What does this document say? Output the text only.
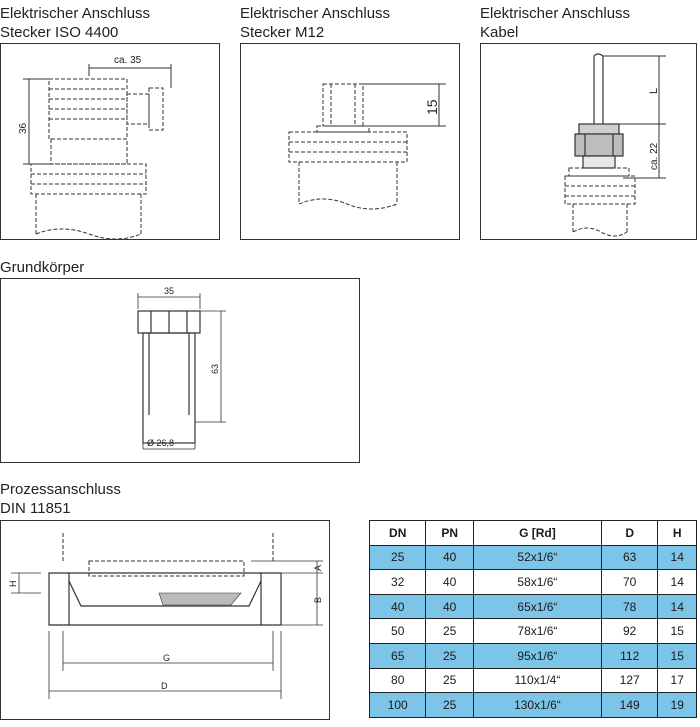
Elektrischer Anschluss
Stecker ISO 4400
Elektrischer Anschluss
Stecker M12
Elektrischer Anschluss
Kabel
Grundkörper
Prozessanschluss
DIN 11851
ca. 35
36
15
L
ca. 22
35
63
Ø 26,8
H
A
B
G
D
DN	PN	G [Rd]	D	H
25	40	52x1/6“	63	14
32	40	58x1/6“	70	14
40	40	65x1/6“	78	14
50	25	78x1/6“	92	15
65	25	95x1/6“	112	15
80	25	110x1/4“	127	17
100	25	130x1/6“	149	19
